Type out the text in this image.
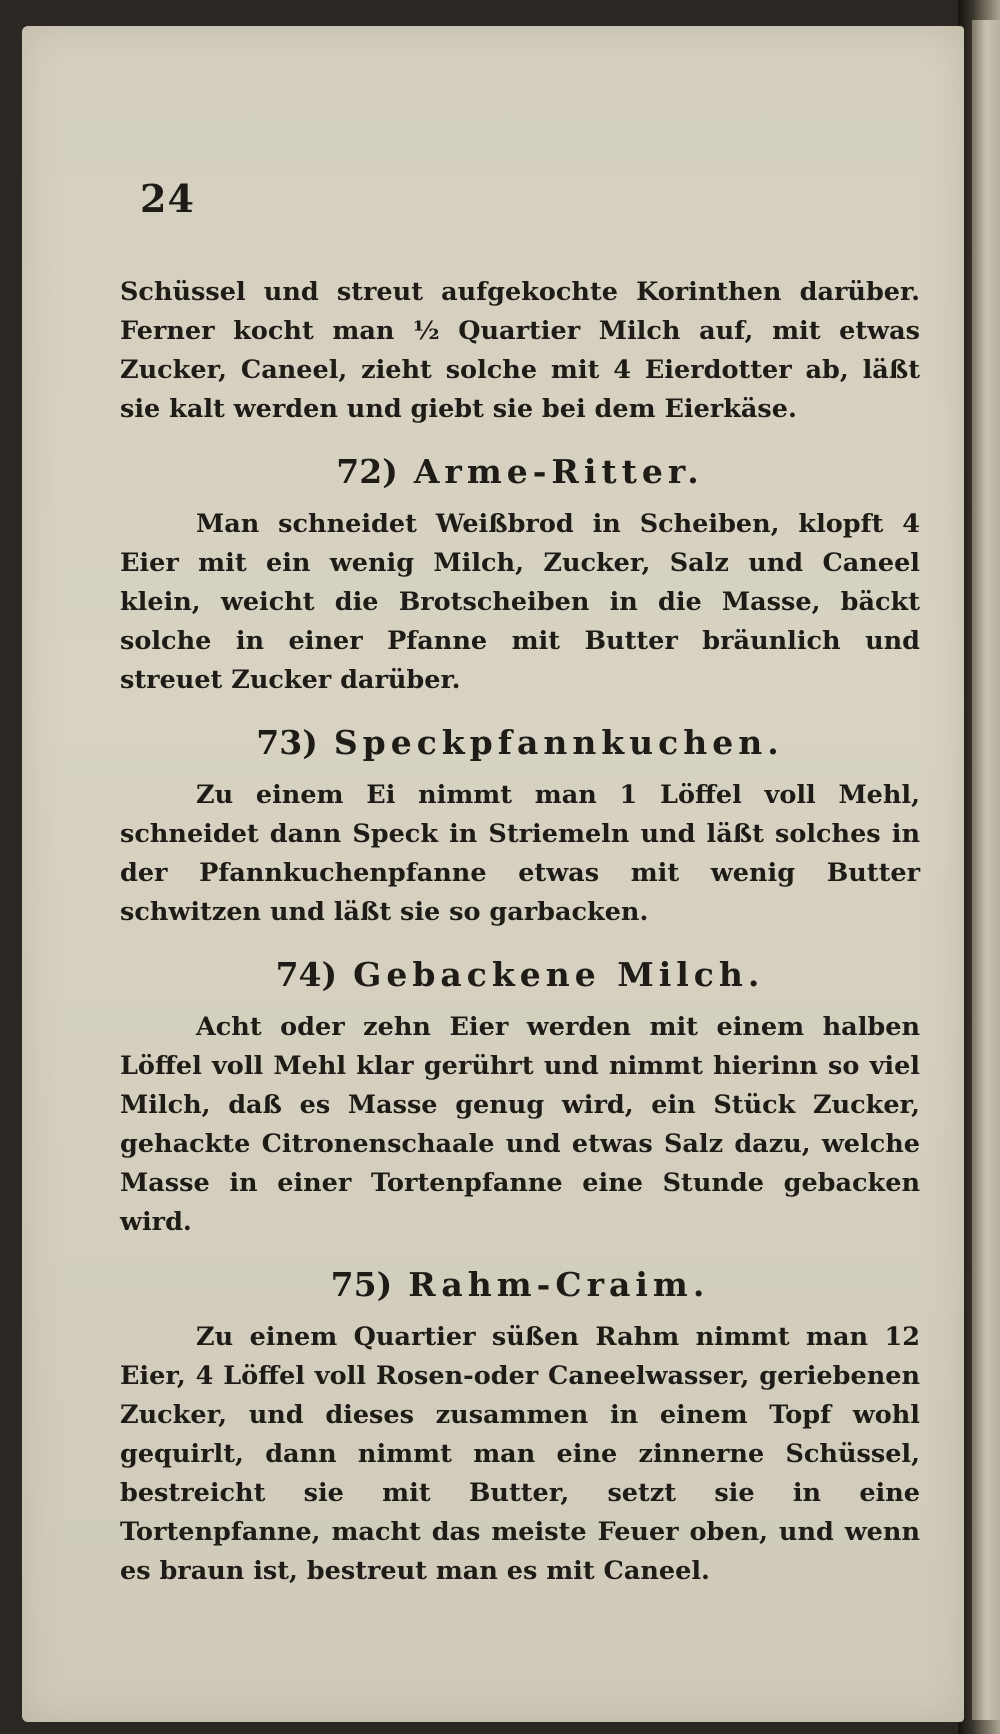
24

Schüssel und streut aufgekochte Korinthen darüber. Ferner kocht man ½ Quartier Milch auf, mit etwas Zucker, Caneel, zieht solche mit 4 Eierdotter ab, läßt sie kalt werden und giebt sie bei dem Eierkäse.

72) Arme-Ritter.

Man schneidet Weißbrod in Scheiben, klopft 4 Eier mit ein wenig Milch, Zucker, Salz und Caneel klein, weicht die Brotscheiben in die Masse, bäckt solche in einer Pfanne mit Butter bräunlich und streuet Zucker darüber.

73) Speckpfannkuchen.

Zu einem Ei nimmt man 1 Löffel voll Mehl, schneidet dann Speck in Striemeln und läßt solches in der Pfannkuchenpfanne etwas mit wenig Butter schwitzen und läßt sie so garbacken.

74) Gebackene Milch.

Acht oder zehn Eier werden mit einem halben Löffel voll Mehl klar gerührt und nimmt hierinn so viel Milch, daß es Masse genug wird, ein Stück Zucker, gehackte Citronenschaale und etwas Salz dazu, welche Masse in einer Tortenpfanne eine Stunde gebacken wird.

75) Rahm-Craim.

Zu einem Quartier süßen Rahm nimmt man 12 Eier, 4 Löffel voll Rosen-oder Caneelwasser, geriebenen Zucker, und dieses zusammen in einem Topf wohl gequirlt, dann nimmt man eine zinnerne Schüssel, bestreicht sie mit Butter, setzt sie in eine Tortenpfanne, macht das meiste Feuer oben, und wenn es braun ist, bestreut man es mit Caneel.
